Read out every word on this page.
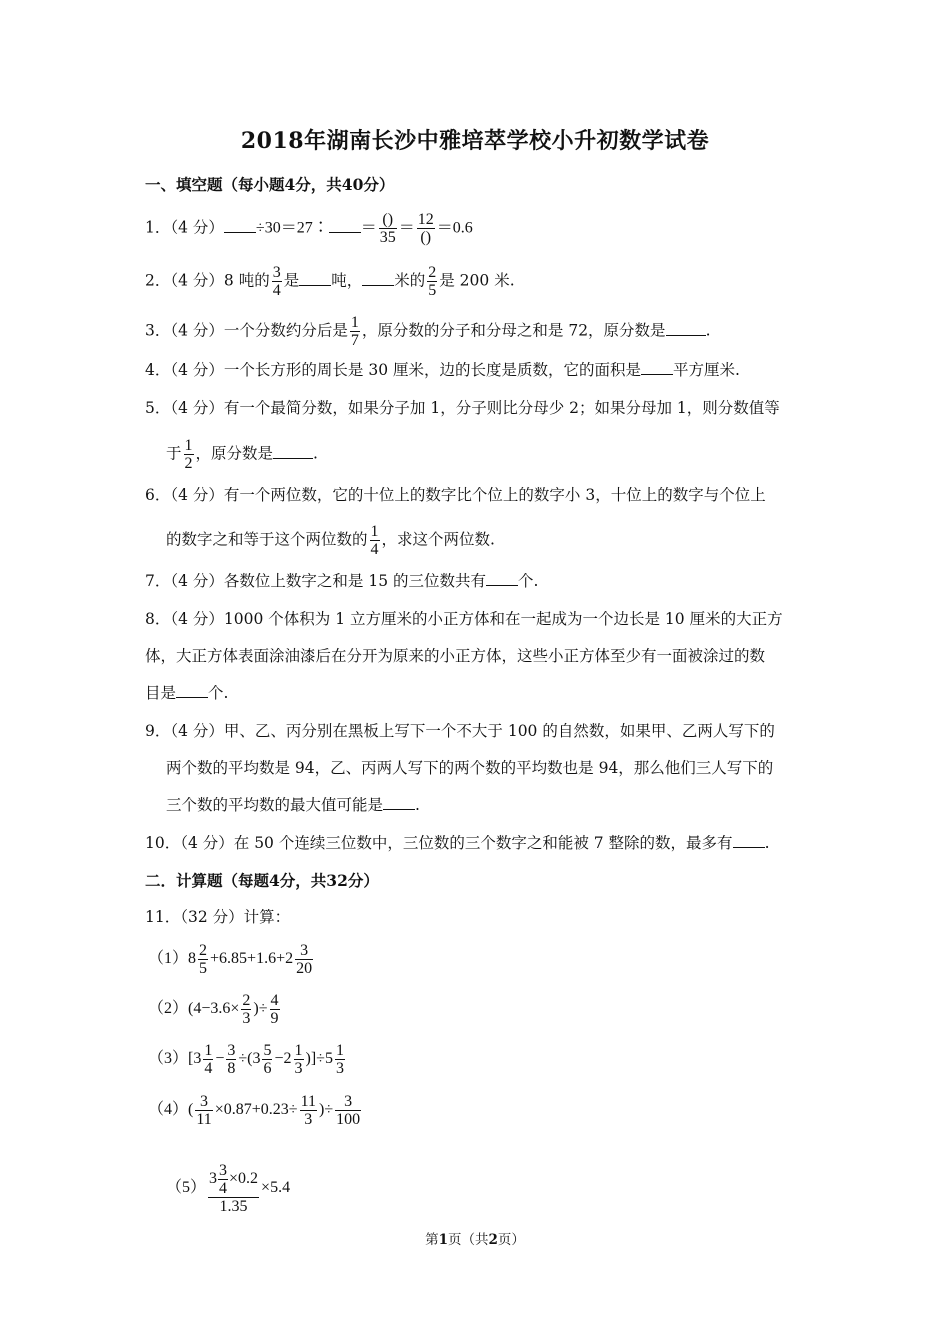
2018年湖南长沙中雅培萃学校小升初数学试卷
一、填空题（每小题4分，共40分）
1．（4 分） ÷30＝27∶ ＝ ()
35
＝ 12
()
＝0.6
2．（4 分）8 吨的 $\frac{3}{4}$ 是 吨， 米的 $\frac{2}{5}$ 是 200 米.
3．（4 分）一个分数约分后是 $\frac{1}{7}$ ，原分数的分子和分母之和是 72，原分数是	.
4．（4 分）一个长方形的周长是 30 厘米，边的长度是质数，它的面积是 平方厘米.
5．（4 分）有一个最简分数，如果分子加 1，分子则比分母少 2；如果分母加 1，则分数值等
于 $\frac{1}{2}$ ，原分数是	.
6．（4 分）有一个两位数，它的十位上的数字比个位上的数字小 3，十位上的数字与个位上
的数字之和等于这个两位数的 $\frac{1}{4}$ ，求这个两位数.
7．（4 分）各数位上数字之和是 15 的三位数共有 个.
8．（4 分）1000 个体积为 1 立方厘米的小正方体和在一起成为一个边长是 10 厘米的大正方
体，大正方体表面涂油漆后在分开为原来的小正方体，这些小正方体至少有一面被涂过的数
目是 个.
9．（4 分）甲、乙、丙分别在黑板上写下一个不大于 100 的自然数，如果甲、乙两人写下的
两个数的平均数是 94，乙、丙两人写下的两个数的平均数也是 94，那么他们三人写下的
三个数的平均数的最大值可能是 .
10．（4 分）在 50 个连续三位数中，三位数的三个数字之和能被 7 整除的数，最多有 .
二．计算题（每题4分，共32分）
11．（32 分）计算：
$(1)8 \frac{2}{5} +6.85+1.6+2 \frac{3}{20}$
$(2)(4-3.6\times \frac{2}{3}$ )÷ $\frac{4}{9}$
$(3)[3 \frac{1}{4} - \frac{3}{8} \div(3 \frac{5}{6} -2 \frac{1}{3} )]\div 5 \frac{1}{3}$
$(4)( \frac{3}{11} \times 0.87+0.23\div \frac{11}{3}$ )÷ $\frac{3}{100}$
$(5) \frac{3 \frac{3}{4} \times 0.2}{1.35} \times 5.4$
第1页（共2页）
